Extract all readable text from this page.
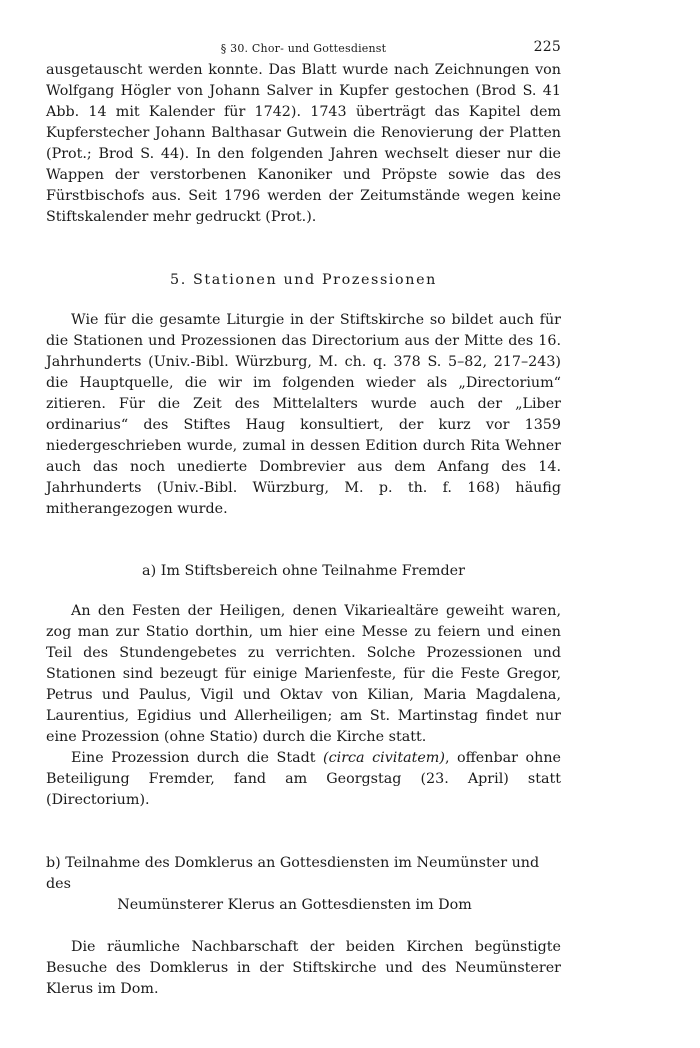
§ 30. Chor- und Gottesdienst	225

ausgetauscht werden konnte. Das Blatt wurde nach Zeichnungen von Wolfgang Högler von Johann Salver in Kupfer gestochen (Brod S. 41 Abb. 14 mit Kalender für 1742). 1743 überträgt das Kapitel dem Kupferstecher Johann Balthasar Gutwein die Renovierung der Platten (Prot.; Brod S. 44). In den folgenden Jahren wechselt dieser nur die Wappen der verstorbenen Kanoniker und Pröpste sowie das des Fürstbischofs aus. Seit 1796 werden der Zeitumstände wegen keine Stiftskalender mehr gedruckt (Prot.).

5. Stationen und Prozessionen

Wie für die gesamte Liturgie in der Stiftskirche so bildet auch für die Stationen und Prozessionen das Directorium aus der Mitte des 16. Jahrhunderts (Univ.-Bibl. Würzburg, M. ch. q. 378 S. 5–82, 217–243) die Hauptquelle, die wir im folgenden wieder als „Directorium“ zitieren. Für die Zeit des Mittelalters wurde auch der „Liber ordinarius“ des Stiftes Haug konsultiert, der kurz vor 1359 niedergeschrieben wurde, zumal in dessen Edition durch Rita Wehner auch das noch unedierte Dombrevier aus dem Anfang des 14. Jahrhunderts (Univ.-Bibl. Würzburg, M. p. th. f. 168) häufig mitherangezogen wurde.

a) Im Stiftsbereich ohne Teilnahme Fremder

An den Festen der Heiligen, denen Vikariealtäre geweiht waren, zog man zur Statio dorthin, um hier eine Messe zu feiern und einen Teil des Stundengebetes zu verrichten. Solche Prozessionen und Stationen sind bezeugt für einige Marienfeste, für die Feste Gregor, Petrus und Paulus, Vigil und Oktav von Kilian, Maria Magdalena, Laurentius, Egidius und Allerheiligen; am St. Martinstag findet nur eine Prozession (ohne Statio) durch die Kirche statt.

Eine Prozession durch die Stadt (circa civitatem), offenbar ohne Beteiligung Fremder, fand am Georgstag (23. April) statt (Directorium).

b) Teilnahme des Domklerus an Gottesdiensten im Neumünster und des
Neumünsterer Klerus an Gottesdiensten im Dom

Die räumliche Nachbarschaft der beiden Kirchen begünstigte Besuche des Domklerus in der Stiftskirche und des Neumünsterer Klerus im Dom.
